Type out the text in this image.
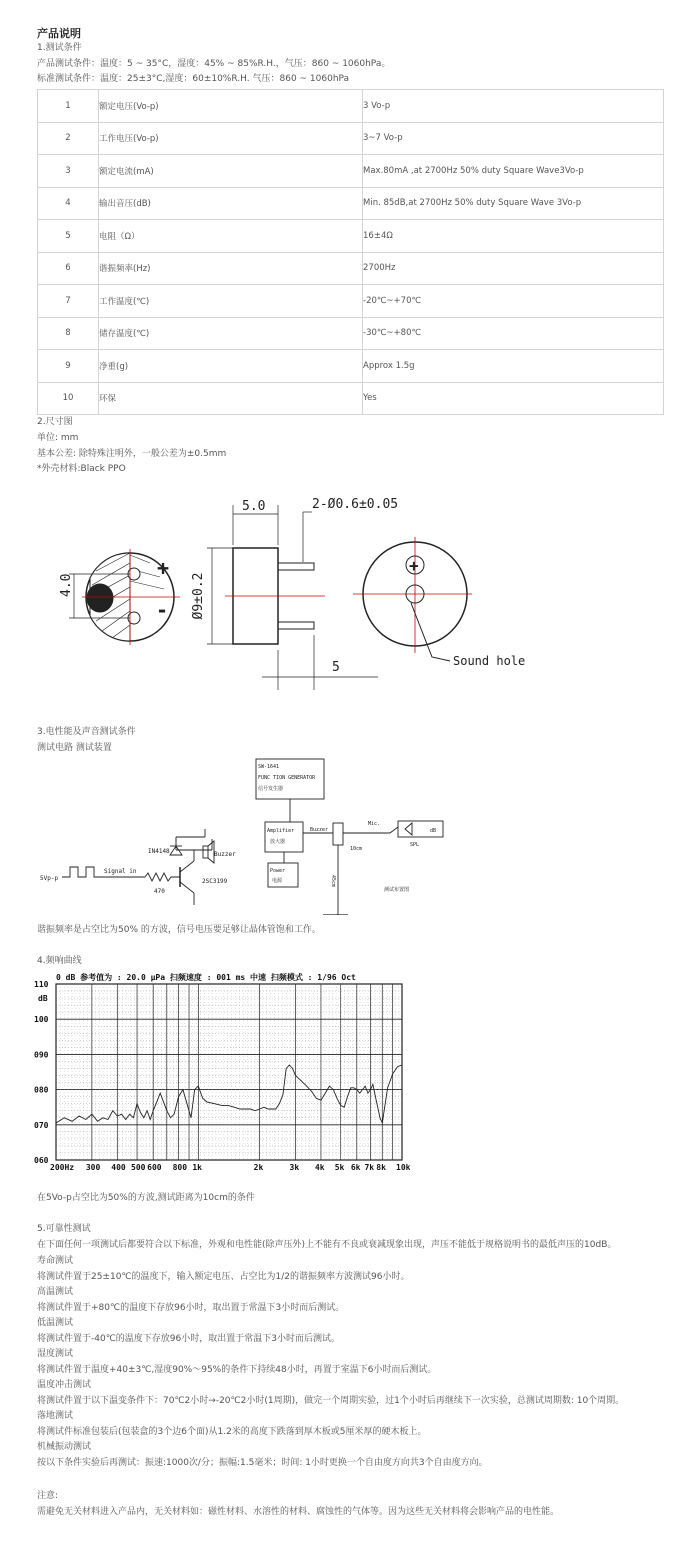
产品说明
1.测试条件
产品测试条件：温度：5 ~ 35°C，湿度：45% ~ 85%R.H.，气压：860 ~ 1060hPa。
标准测试条件：温度：25±3°C,湿度：60±10%R.H. 气压：860 ~ 1060hPa
1	额定电压(Vo-p)	3 Vo-p
2	工作电压(Vo-p)	3~7 Vo-p
3	额定电流(mA)	Max.80mA ,at 2700Hz 50% duty Square Wave3Vo-p
4	输出音压(dB)	Min. 85dB,at 2700Hz 50% duty Square Wave 3Vo-p
5	电阻（Ω）	16±4Ω
6	谐振频率(Hz)	2700Hz
7	工作温度(℃)	-20℃~+70℃
8	储存温度(℃)	-30℃~+80℃
9	净重(g)	Approx 1.5g
10	环保	Yes
2.尺寸图
单位: mm
基本公差: 除特殊注明外，一般公差为±0.5mm
*外壳材料:Black PPO
5.0	2-Ø0.6±0.05
4.0	Ø9±0.2
5
+
-
Sound hole
+
3.电性能及声音测试条件
测试电路 测试装置
IN4148	Buzzer
Signal in
470
2SC3199
5Vp-p
SW-1641
FUNC TION GENERATOR
信号发生器
Amplifier
放大器
Power
电源
Buzzer
Mic.
SPL
dB
10cm
45cm
测试布置图
谐振频率是占空比为50% 的方波，信号电压要足够让晶体管饱和工作。
4.频响曲线
0 dB 参考值为 : 20.0 µPa 扫频速度 : 001 ms 中速 扫频模式 : 1/96 Oct
110
100
090
080
070
060
200Hz 300 400 500 600 800 1k	2k	3k 4k 5k 6k 7k 8k 10k
dB
在5Vo-p占空比为50%的方波,测试距离为10cm的条件
5.可靠性测试
在下面任何一项测试后都要符合以下标准，外观和电性能(除声压外)上不能有不良或衰减现象出现，声压不能低于规格说明书的最低声压的10dB。
寿命测试
将测试件置于25±10℃的温度下，输入额定电压、占空比为1/2的谐振频率方波测试96小时。
高温测试
将测试件置于+80℃的温度下存放96小时，取出置于常温下3小时而后测试。
低温测试
将测试件置于-40℃的温度下存放96小时，取出置于常温下3小时而后测试。
湿度测试
将测试件置于温度+40±3℃,湿度90%～95%的条件下持续48小时，再置于室温下6小时而后测试。
温度冲击测试
将测试件置于以下温变条件下：70℃2小时→-20℃2小时(1周期)，做完一个周期实验，过1个小时后再继续下一次实验，总测试周期数: 10个周期。
落地测试
将测试件标准包装后(包装盒的3个边6个面)从1.2米的高度下跌落到厚木板或5厘米厚的硬木板上。
机械振动测试
按以下条件实验后再测试：振速:1000次/分；振幅:1.5毫米；时间: 1小时更换一个自由度方向共3个自由度方向。
注意:
需避免无关材料进入产品内，无关材料如：磁性材料、水溶性的材料、腐蚀性的气体等。因为这些无关材料将会影响产品的电性能。
